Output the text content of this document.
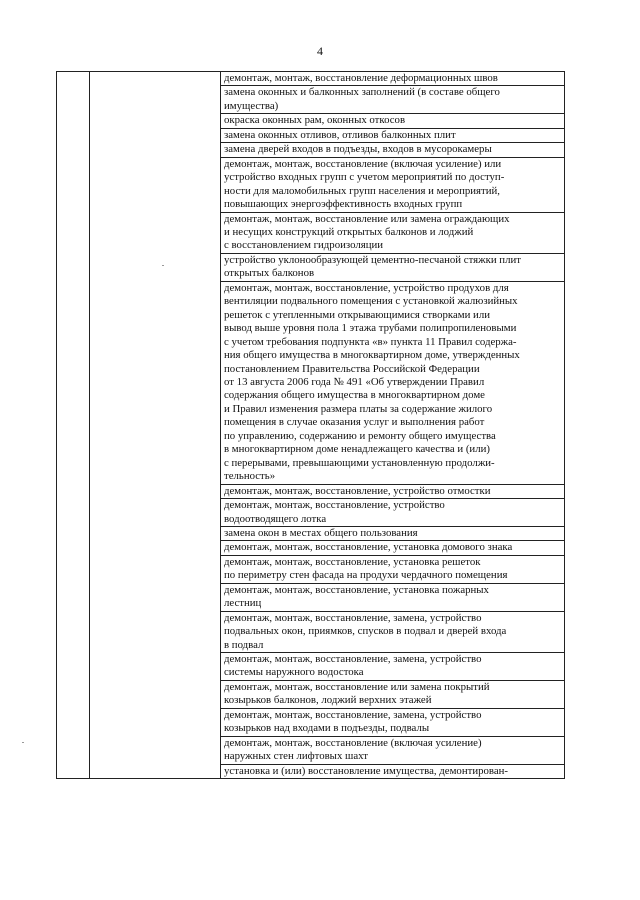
4

демонтаж, монтаж, восстановление деформационных швов

замена оконных и балконных заполнений (в составе общего
имущества)

окраска оконных рам, оконных откосов

замена оконных отливов, отливов балконных плит

замена дверей входов в подъезды, входов в мусорокамеры

демонтаж, монтаж, восстановление (включая усиление) или
устройство входных групп с учетом мероприятий по доступ-
ности для маломобильных групп населения и мероприятий,
повышающих энергоэффективность входных групп

демонтаж, монтаж, восстановление или замена ограждающих
и несущих конструкций открытых балконов и лоджий
с восстановлением гидроизоляции

устройство уклонообразующей цементно-песчаной стяжки плит
открытых балконов

демонтаж, монтаж, восстановление, устройство продухов для
вентиляции подвального помещения с установкой жалюзийных
решеток с утепленными открывающимися створками или
вывод выше уровня пола 1 этажа трубами полипропиленовыми
с учетом требования подпункта «в» пункта 11 Правил содержа-
ния общего имущества в многоквартирном доме, утвержденных
постановлением Правительства Российской Федерации
от 13 августа 2006 года № 491 «Об утверждении Правил
содержания общего имущества в многоквартирном доме
и Правил изменения размера платы за содержание жилого
помещения в случае оказания услуг и выполнения работ
по управлению, содержанию и ремонту общего имущества
в многоквартирном доме ненадлежащего качества и (или)
с перерывами, превышающими установленную продолжи-
тельность»

демонтаж, монтаж, восстановление, устройство отмостки

демонтаж, монтаж, восстановление, устройство
водоотводящего лотка

замена окон в местах общего пользования

демонтаж, монтаж, восстановление, установка домового знака

демонтаж, монтаж, восстановление, установка решеток
по периметру стен фасада на продухи чердачного помещения

демонтаж, монтаж, восстановление, установка пожарных
лестниц

демонтаж, монтаж, восстановление, замена, устройство
подвальных окон, приямков, спусков в подвал и дверей входа
в подвал

демонтаж, монтаж, восстановление, замена, устройство
системы наружного водостока

демонтаж, монтаж, восстановление или замена покрытий
козырьков балконов, лоджий верхних этажей

демонтаж, монтаж, восстановление, замена, устройство
козырьков над входами в подъезды, подвалы

демонтаж, монтаж, восстановление (включая усиление)
наружных стен лифтовых шахт

установка и (или) восстановление имущества, демонтирован-
